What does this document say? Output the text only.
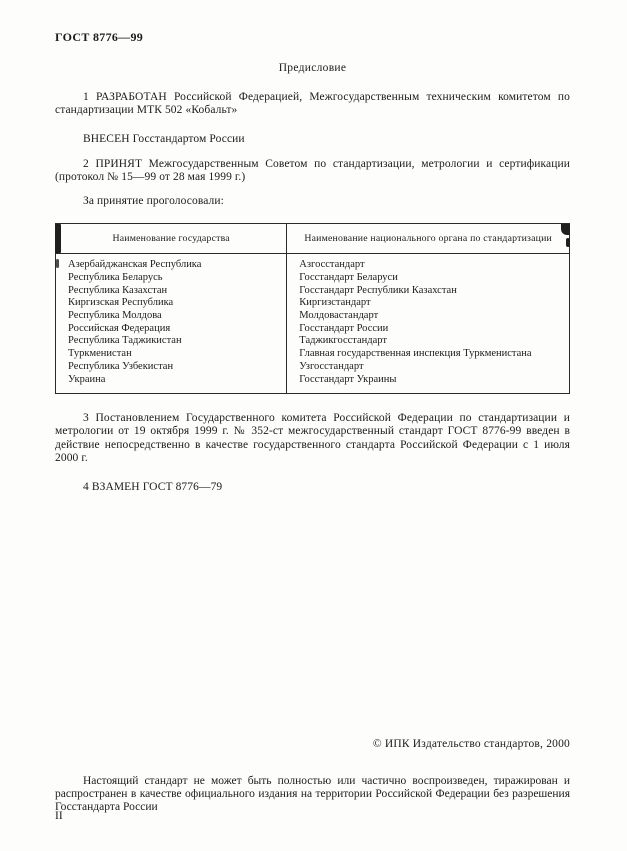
ГОСТ 8776—99
Предисловие

1 РАЗРАБОТАН Российской Федерацией, Межгосударственным техническим комитетом по стандартизации МТК 502 «Кобальт»

ВНЕСЕН Госстандартом России

2 ПРИНЯТ Межгосударственным Советом по стандартизации, метрологии и сертификации (протокол № 15—99 от 28 мая 1999 г.)

За принятие проголосовали:

Наименование государства	Наименование национального органа по стандартизации
Азербайджанская Республика	Азгосстандарт
Республика Беларусь	Госстандарт Беларуси
Республика Казахстан	Госстандарт Республики Казахстан
Киргизская Республика	Киргизстандарт
Республика Молдова	Молдовастандарт
Российская Федерация	Госстандарт России
Республика Таджикистан	Таджикгосстандарт
Туркменистан	Главная государственная инспекция Туркменистана
Республика Узбекистан	Узгосстандарт
Украина	Госстандарт Украины

3 Постановлением Государственного комитета Российской Федерации по стандартизации и метрологии от 19 октября 1999 г. № 352-ст межгосударственный стандарт ГОСТ 8776-99 введен в действие непосредственно в качестве государственного стандарта Российской Федерации с 1 июля 2000 г.

4 ВЗАМЕН ГОСТ 8776—79

© ИПК Издательство стандартов, 2000

Настоящий стандарт не может быть полностью или частично воспроизведен, тиражирован и распространен в качестве официального издания на территории Российской Федерации без разрешения Госстандарта России

II
